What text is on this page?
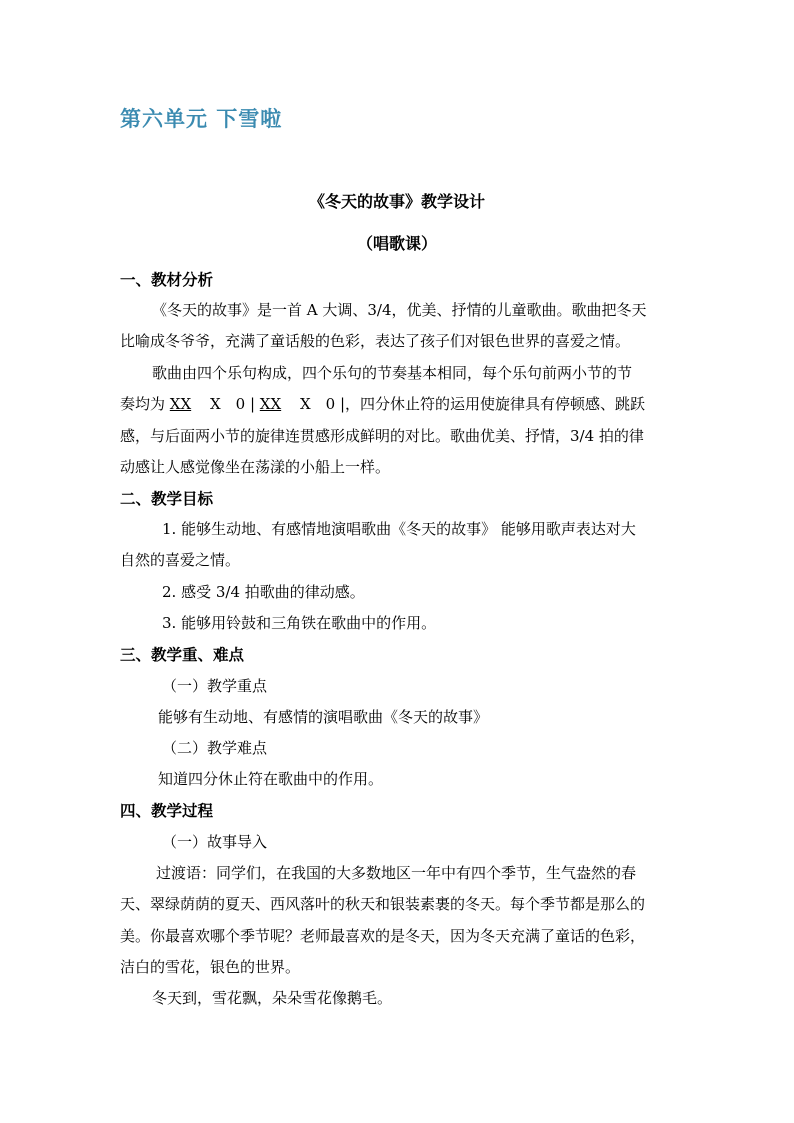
第六单元 下雪啦
《冬天的故事》教学设计
（唱歌课）
一、教材分析
《冬天的故事》是一首 A 大调、3/4，优美、抒情的儿童歌曲。歌曲把冬天
比喻成冬爷爷，充满了童话般的色彩，表达了孩子们对银色世界的喜爱之情。
歌曲由四个乐句构成，四个乐句的节奏基本相同，每个乐句前两小节的节
奏均为 XX X　0 | XX X　0 |，四分休止符的运用使旋律具有停顿感、跳跃
感，与后面两小节的旋律连贯感形成鲜明的对比。歌曲优美、抒情，3/4 拍的律
动感让人感觉像坐在荡漾的小船上一样。
二、教学目标
1. 能够生动地、有感情地演唱歌曲《冬天的故事》 能够用歌声表达对大
自然的喜爱之情。
2. 感受 3/4 拍歌曲的律动感。
3. 能够用铃鼓和三角铁在歌曲中的作用。
三、教学重、难点
（一）教学重点
能够有生动地、有感情的演唱歌曲《冬天的故事》
（二）教学难点
知道四分休止符在歌曲中的作用。
四、教学过程
（一）故事导入
过渡语：同学们，在我国的大多数地区一年中有四个季节，生气盎然的春
天、翠绿荫荫的夏天、西风落叶的秋天和银装素裹的冬天。每个季节都是那么的
美。你最喜欢哪个季节呢？老师最喜欢的是冬天，因为冬天充满了童话的色彩，
洁白的雪花，银色的世界。
冬天到，雪花飘，朵朵雪花像鹅毛。
